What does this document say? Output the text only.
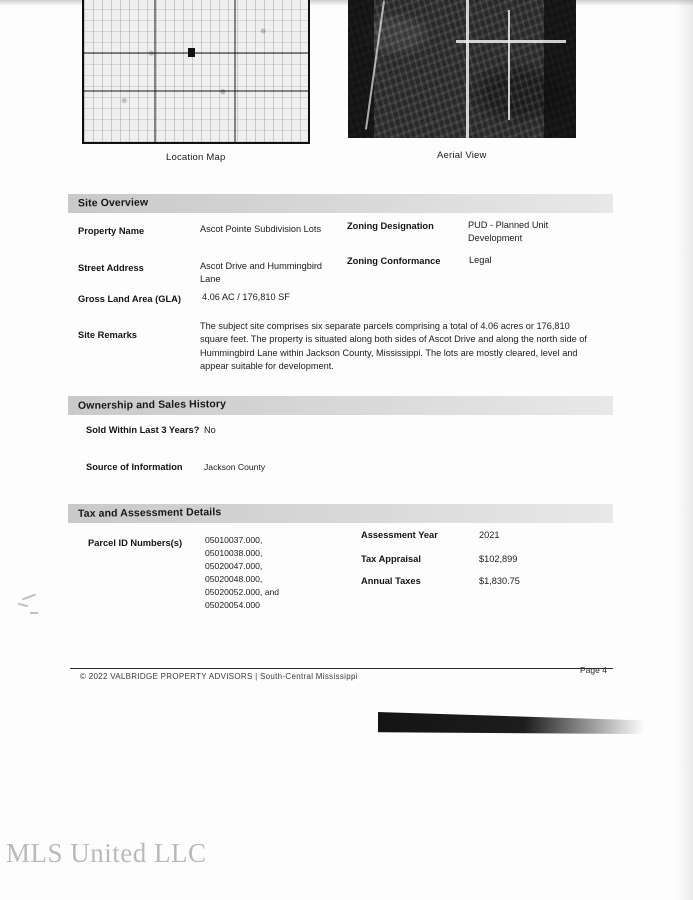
Location Map	Aerial View
Site Overview
Property Name	Ascot Pointe Subdivision Lots
Street Address	Ascot Drive and Hummingbird Lane
Gross Land Area (GLA) 4.06 AC / 176,810 SF
Zoning Designation	PUD - Planned Unit Development
Zoning Conformance	Legal
Site Remarks
The subject site comprises six separate parcels comprising a total of 4.06 acres or 176,810 square feet. The property is situated along both sides of Ascot Drive and along the north side of Hummingbird Lane within Jackson County, Mississippi. The lots are mostly cleared, level and appear suitable for development.
Ownership and Sales History
Sold Within Last 3 Years? No
Source of Information Jackson County
Tax and Assessment Details
Parcel ID Numbers(s)	05010037.000,
05010038.000,
05020047.000,
05020048.000,
05020052.000, and
05020054.000
Assessment Year	2021
Tax Appraisal	$102,899
Annual Taxes	$1,830.75
© 2022 VALBRIDGE PROPERTY ADVISORS | South-Central Mississippi
Page 4
MLS United LLC
